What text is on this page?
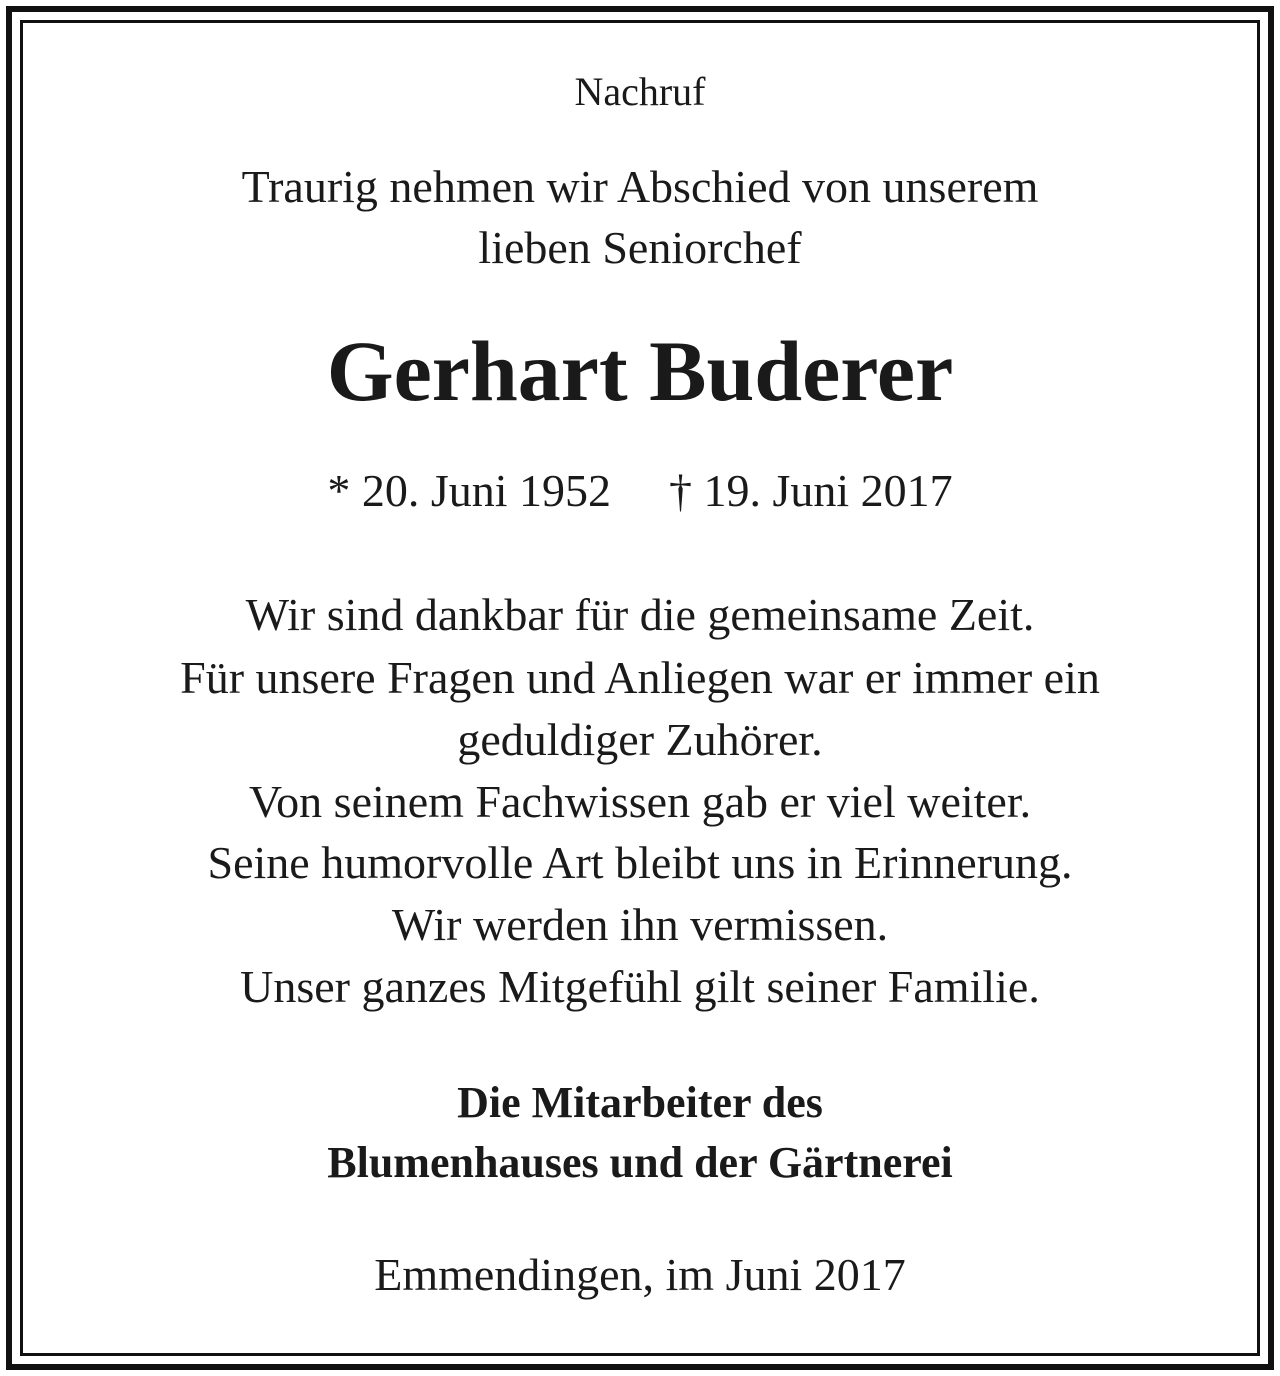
Nachruf
Traurig nehmen wir Abschied von unserem
lieben Seniorchef
Gerhart Buderer
* 20. Juni 1952 † 19. Juni 2017
Wir sind dankbar für die gemeinsame Zeit.
Für unsere Fragen und Anliegen war er immer ein
geduldiger Zuhörer.
Von seinem Fachwissen gab er viel weiter.
Seine humorvolle Art bleibt uns in Erinnerung.
Wir werden ihn vermissen.
Unser ganzes Mitgefühl gilt seiner Familie.
Die Mitarbeiter des
Blumenhauses und der Gärtnerei
Emmendingen, im Juni 2017
